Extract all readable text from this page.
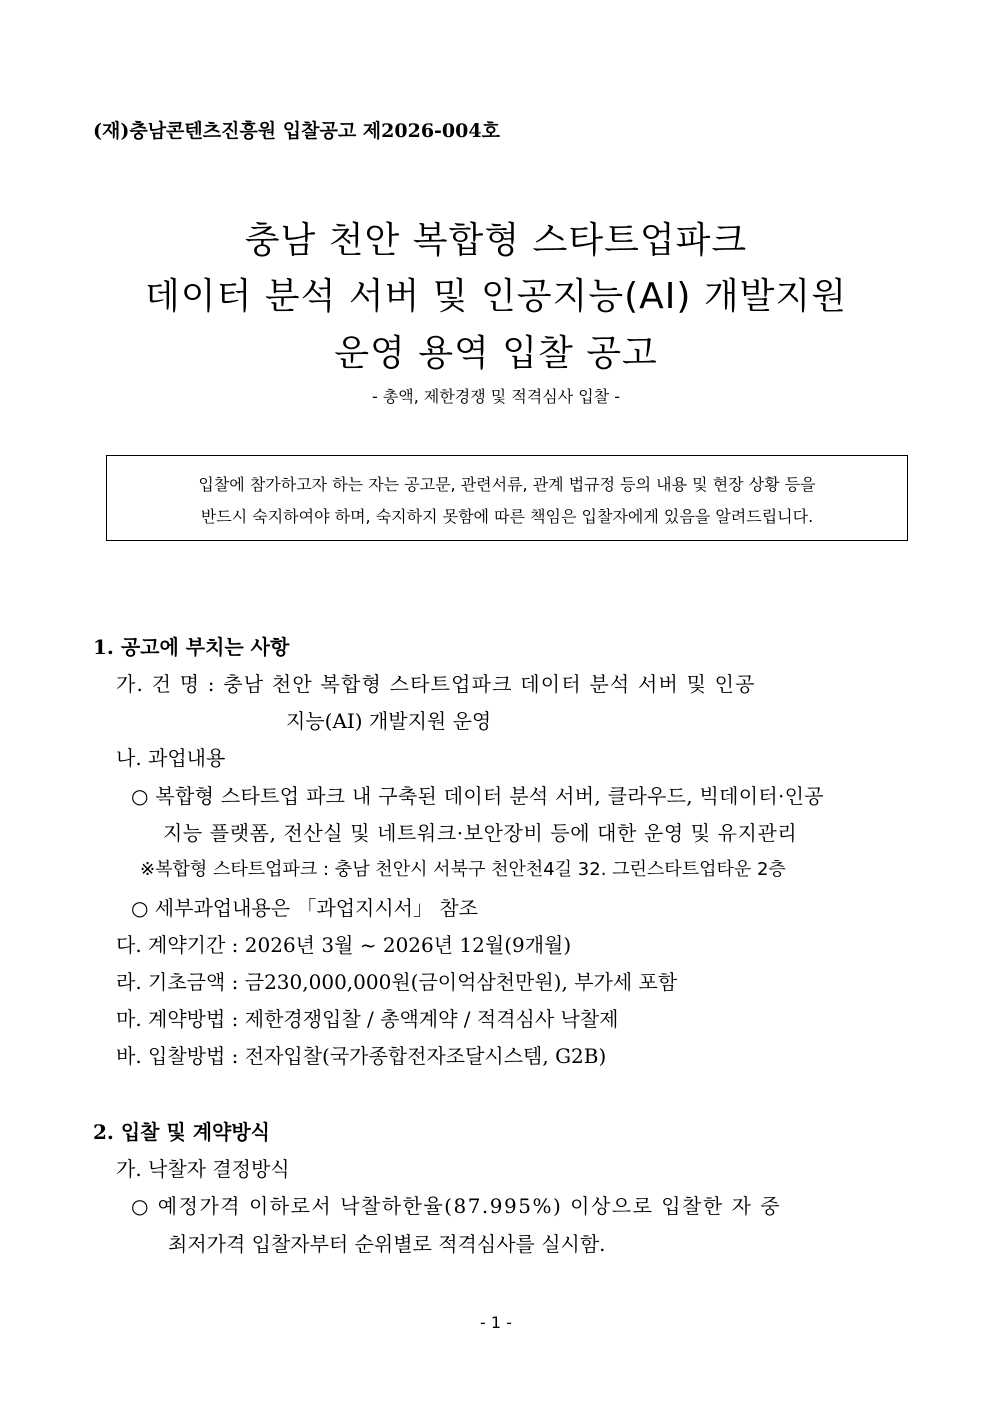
(재)충남콘텐츠진흥원 입찰공고 제2026-004호
충남 천안 복합형 스타트업파크
데이터 분석 서버 및 인공지능(AI) 개발지원
운영 용역 입찰 공고
- 총액, 제한경쟁 및 적격심사 입찰 -
입찰에 참가하고자 하는 자는 공고문, 관련서류, 관계 법규정 등의 내용 및 현장 상황 등을
반드시 숙지하여야 하며, 숙지하지 못함에 따른 책임은 입찰자에게 있음을 알려드립니다.
1. 공고에 부치는 사항
가. 건 명 : 충남 천안 복합형 스타트업파크 데이터 분석 서버 및 인공
지능(AI) 개발지원 운영
나. 과업내용
○ 복합형 스타트업 파크 내 구축된 데이터 분석 서버, 클라우드, 빅데이터·인공
지능 플랫폼, 전산실 및 네트워크·보안장비 등에 대한 운영 및 유지관리
※복합형 스타트업파크 : 충남 천안시 서북구 천안천4길 32. 그린스타트업타운 2층
○ 세부과업내용은 「과업지시서」 참조
다. 계약기간 : 2026년 3월 ~ 2026년 12월(9개월)
라. 기초금액 : 금230,000,000원(금이억삼천만원), 부가세 포함
마. 계약방법 : 제한경쟁입찰 / 총액계약 / 적격심사 낙찰제
바. 입찰방법 : 전자입찰(국가종합전자조달시스템, G2B)
2. 입찰 및 계약방식
가. 낙찰자 결정방식
○ 예정가격 이하로서 낙찰하한율(87.995%) 이상으로 입찰한 자 중
최저가격 입찰자부터 순위별로 적격심사를 실시함.
- 1 -
